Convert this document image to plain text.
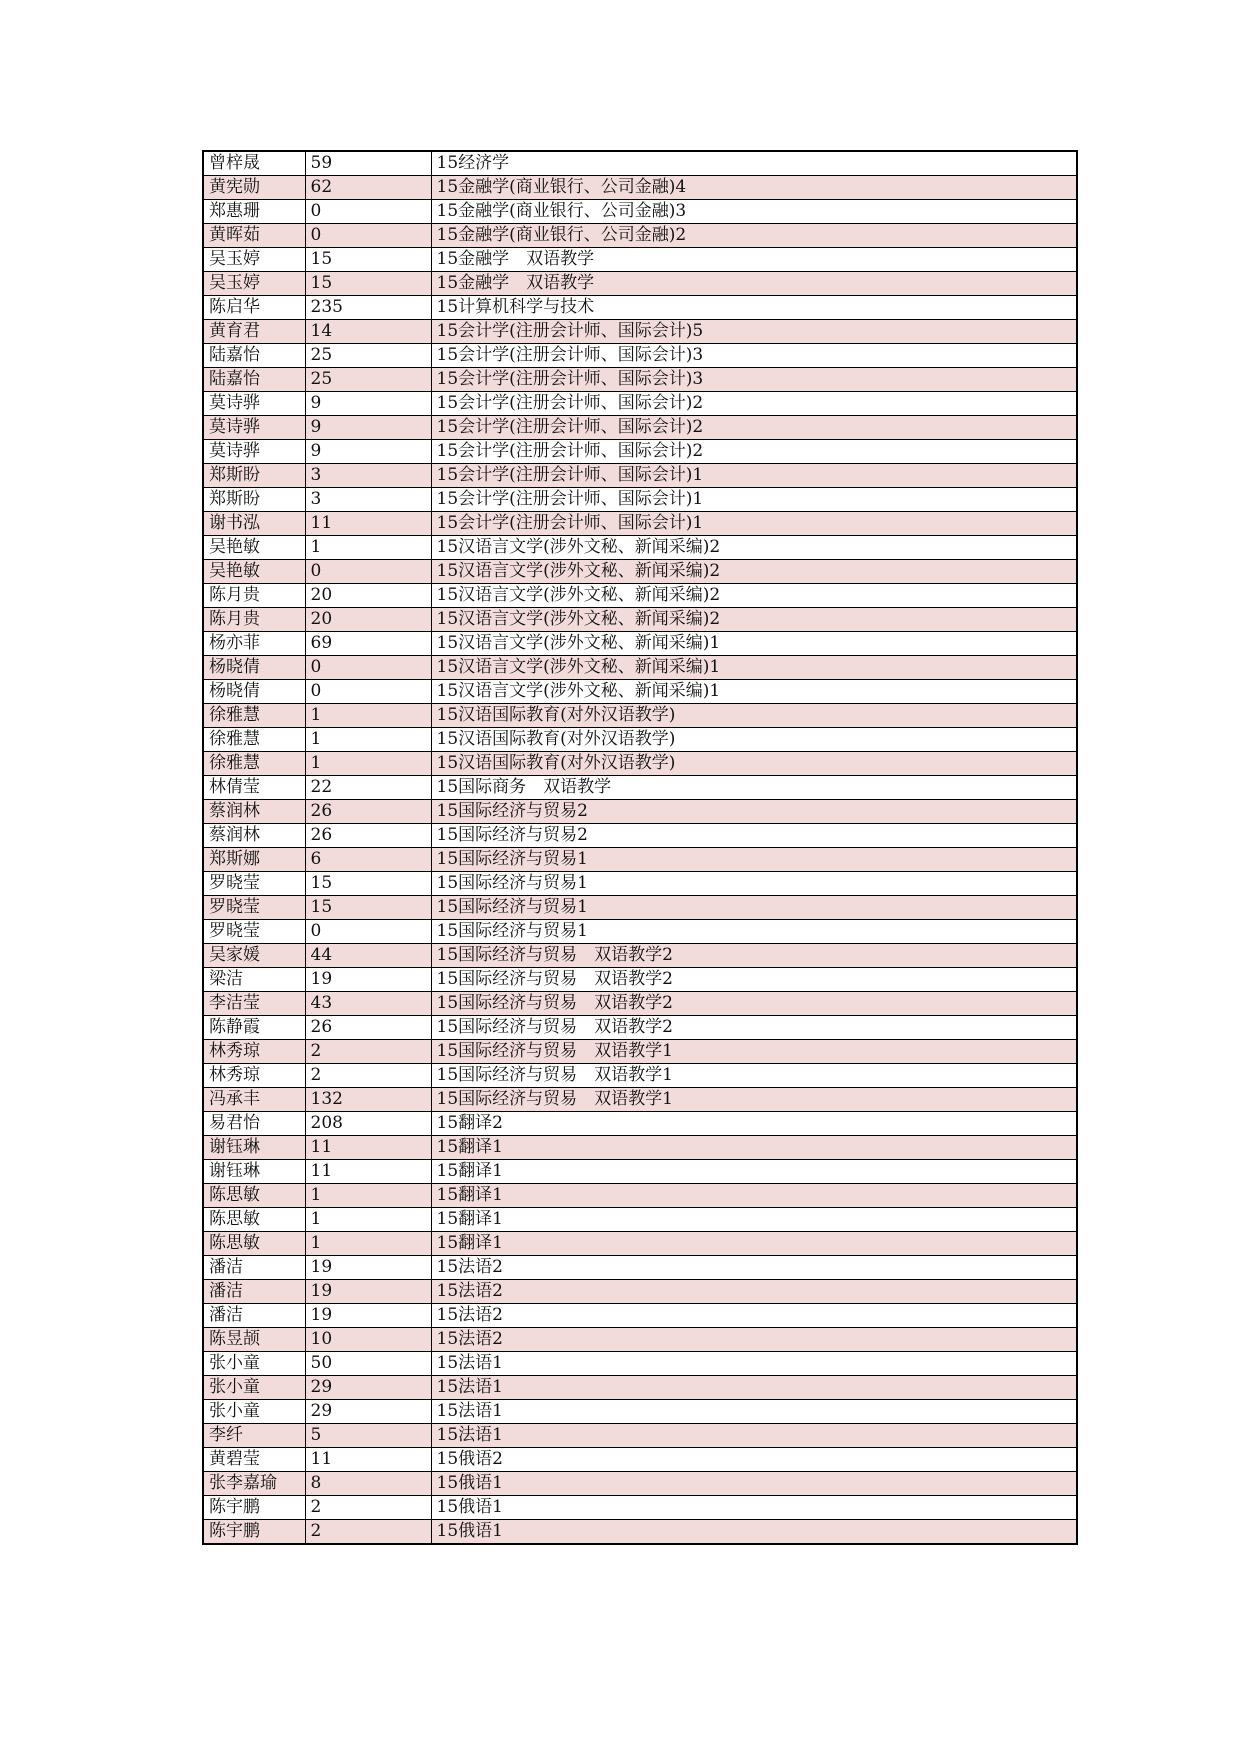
曾梓晟	59	15经济学
黄宪勋	62	15金融学(商业银行、公司金融)4
郑惠珊	0	15金融学(商业银行、公司金融)3
黄晖茹	0	15金融学(商业银行、公司金融)2
吴玉婷	15	15金融学　双语教学
吴玉婷	15	15金融学　双语教学
陈启华	235	15计算机科学与技术
黄育君	14	15会计学(注册会计师、国际会计)5
陆嘉怡	25	15会计学(注册会计师、国际会计)3
陆嘉怡	25	15会计学(注册会计师、国际会计)3
莫诗骅	9	15会计学(注册会计师、国际会计)2
莫诗骅	9	15会计学(注册会计师、国际会计)2
莫诗骅	9	15会计学(注册会计师、国际会计)2
郑斯盼	3	15会计学(注册会计师、国际会计)1
郑斯盼	3	15会计学(注册会计师、国际会计)1
谢书泓	11	15会计学(注册会计师、国际会计)1
吴艳敏	1	15汉语言文学(涉外文秘、新闻采编)2
吴艳敏	0	15汉语言文学(涉外文秘、新闻采编)2
陈月贵	20	15汉语言文学(涉外文秘、新闻采编)2
陈月贵	20	15汉语言文学(涉外文秘、新闻采编)2
杨亦菲	69	15汉语言文学(涉外文秘、新闻采编)1
杨晓倩	0	15汉语言文学(涉外文秘、新闻采编)1
杨晓倩	0	15汉语言文学(涉外文秘、新闻采编)1
徐雅慧	1	15汉语国际教育(对外汉语教学)
徐雅慧	1	15汉语国际教育(对外汉语教学)
徐雅慧	1	15汉语国际教育(对外汉语教学)
林倩莹	22	15国际商务　双语教学
蔡润林	26	15国际经济与贸易2
蔡润林	26	15国际经济与贸易2
郑斯娜	6	15国际经济与贸易1
罗晓莹	15	15国际经济与贸易1
罗晓莹	15	15国际经济与贸易1
罗晓莹	0	15国际经济与贸易1
吴家媛	44	15国际经济与贸易　双语教学2
梁洁	19	15国际经济与贸易　双语教学2
李洁莹	43	15国际经济与贸易　双语教学2
陈静霞	26	15国际经济与贸易　双语教学2
林秀琼	2	15国际经济与贸易　双语教学1
林秀琼	2	15国际经济与贸易　双语教学1
冯承丰	132	15国际经济与贸易　双语教学1
易君怡	208	15翻译2
谢钰琳	11	15翻译1
谢钰琳	11	15翻译1
陈思敏	1	15翻译1
陈思敏	1	15翻译1
陈思敏	1	15翻译1
潘洁	19	15法语2
潘洁	19	15法语2
潘洁	19	15法语2
陈昱颉	10	15法语2
张小童	50	15法语1
张小童	29	15法语1
张小童	29	15法语1
李纤	5	15法语1
黄碧莹	11	15俄语2
张李嘉瑜	8	15俄语1
陈宇鹏	2	15俄语1
陈宇鹏	2	15俄语1
